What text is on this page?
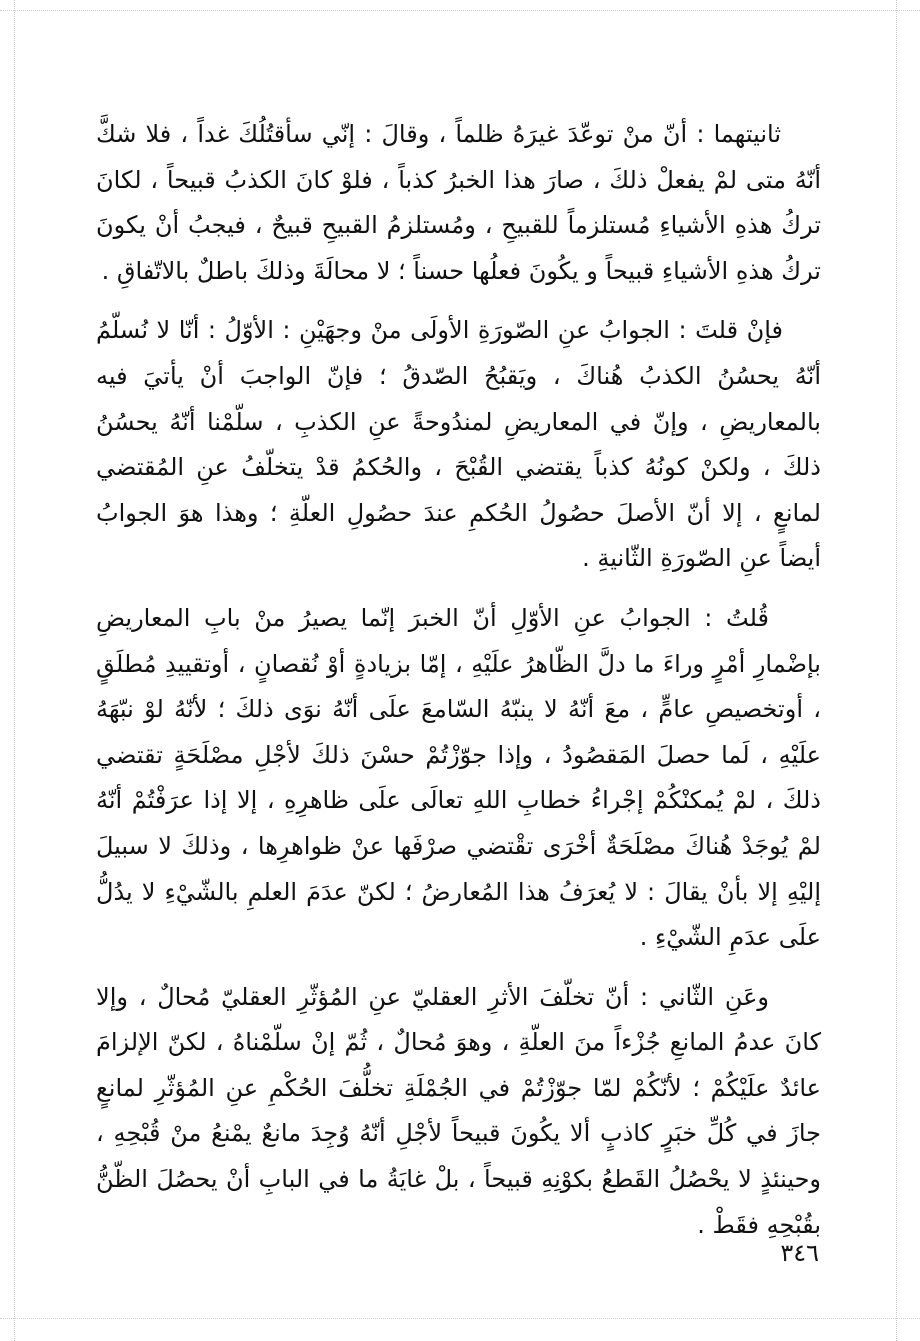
ثانيتهما : أنّ منْ توعّدَ غيرَهُ ظلماً ، وقالَ : إنّي سأقتُلُكَ غداً ، فلا شكَّ أنّهُ متى لمْ يفعلْ ذلكَ ، صارَ هذا الخبرُ كذباً ، فلوْ كانَ الكذبُ قبيحاً ، لكانَ تركُ هذهِ الأشياءِ مُستلزماً للقبيحِ ، ومُستلزمُ القبيحِ قبيحٌ ، فيجبُ أنْ يكونَ تركُ هذهِ الأشياءِ قبيحاً و يكُونَ فعلُها حسناً ؛ لا محالَةَ وذلكَ باطلٌ بالاتّفاقِ .

فإنْ قلتَ : الجوابُ عنِ الصّورَةِ الأولَى منْ وجهَيْنِ : الأوّلُ : أنّا لا نُسلّمُ أنّهُ يحسُنُ الكذبُ هُناكَ ، ويَقبُحُ الصّدقُ ؛ فإنّ الواجبَ أنْ يأتيَ فيه بالمعاريضِ ، وإنّ في المعاريضِ لمندُوحةً عنِ الكذبِ ، سلّمْنا أنّهُ يحسُنُ ذلكَ ، ولكنْ كونُهُ كذباً يقتضي القُبْحَ ، والحُكمُ قدْ يتخلّفُ عنِ المُقتضي لمانعٍ ، إلا أنّ الأصلَ حصُولُ الحُكمِ عندَ حصُولِ العلّةِ ؛ وهذا هوَ الجوابُ أيضاً عنِ الصّورَةِ الثّانيةِ .

قُلتُ : الجوابُ عنِ الأوّلِ أنّ الخبرَ إنّما يصيرُ منْ بابِ المعاريضِ بإضْمارِ أمْرٍ وراءَ ما دلَّ الظّاهرُ علَيْهِ ، إمّا بزيادةٍ أوْ نُقصانٍ ، أوتقييدِ مُطلَقٍ ، أوتخصيصِ عامٍّ ، معَ أنّهُ لا ينبّهُ السّامعَ علَى أنّهُ نوَى ذلكَ ؛ لأنّهُ لوْ نبّهَهُ علَيْهِ ، لَما حصلَ المَقصُودُ ، وإذا جوّزْتُمْ حسْنَ ذلكَ لأجْلِ مصْلَحَةٍ تقتضي ذلكَ ، لمْ يُمكنْكُمْ إجْراءُ خطابِ اللهِ تعالَى علَى ظاهرِهِ ، إلا إذا عرَفْتُمْ أنّهُ لمْ يُوجَدْ هُناكَ مصْلَحَةٌ أخْرَى تقْتضي صرْفَها عنْ ظواهرِها ، وذلكَ لا سبيلَ إليْهِ إلا بأنْ يقالَ : لا يُعرَفُ هذا المُعارضُ ؛ لكنّ عدَمَ العلمِ بالشّيْءِ لا يدُلُّ علَى عدَمِ الشّيْءِ .

وعَنِ الثّاني : أنّ تخلّفَ الأثرِ العقليّ عنِ المُؤثّرِ العقليّ مُحالٌ ، وإلا كانَ عدمُ المانعِ جُزْءاً منَ العلّةِ ، وهوَ مُحالٌ ، ثُمّ إنْ سلّمْناهُ ، لكنّ الإلزامَ عائدٌ علَيْكُمْ ؛ لأنّكُمْ لمّا جوّزْتُمْ في الجُمْلَةِ تخلُّفَ الحُكْمِ عنِ المُؤثّرِ لمانعٍ جازَ في كُلِّ خبَرٍ كاذبٍ ألا يكُونَ قبيحاً لأجْلِ أنّهُ وُجِدَ مانعٌ يمْنعُ منْ قُبْحِهِ ، وحينئذٍ لا يحْصُلُ القَطعُ بكوْنِهِ قبيحاً ، بلْ غايَةُ ما في البابِ أنْ يحصُلَ الظّنُّ بقُبْحِهِ فقَطْ .

٣٤٦
